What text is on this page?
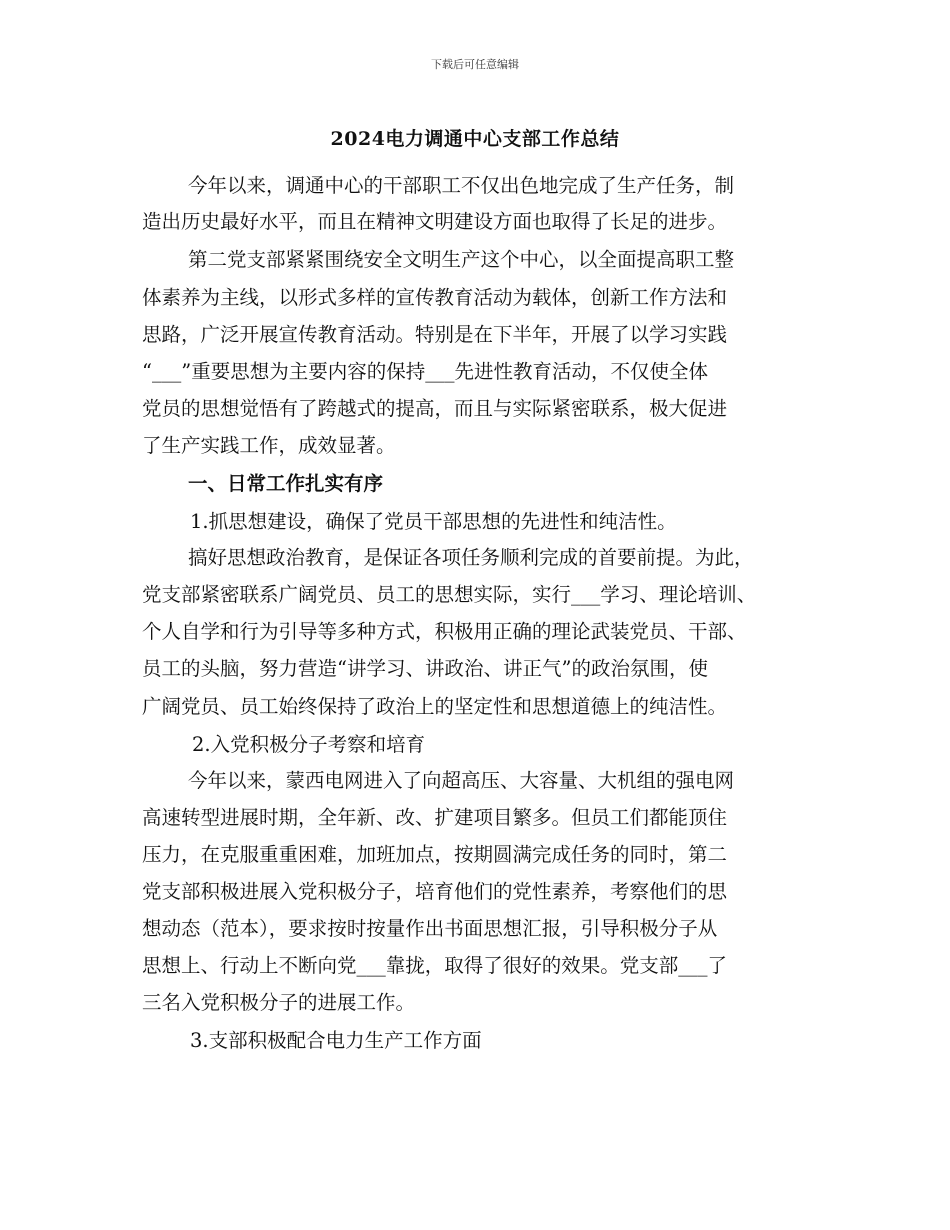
下载后可任意编辑
2024电力调通中心支部工作总结
今年以来，调通中心的干部职工不仅出色地完成了生产任务，制
造出历史最好水平，而且在精神文明建设方面也取得了长足的进步。
第二党支部紧紧围绕安全文明生产这个中心，以全面提高职工整
体素养为主线，以形式多样的宣传教育活动为载体，创新工作方法和
思路，广泛开展宣传教育活动。特别是在下半年，开展了以学习实践
“___”重要思想为主要内容的保持___先进性教育活动，不仅使全体
党员的思想觉悟有了跨越式的提高，而且与实际紧密联系，极大促进
了生产实践工作，成效显著。
一、日常工作扎实有序
1.抓思想建设，确保了党员干部思想的先进性和纯洁性。
搞好思想政治教育，是保证各项任务顺利完成的首要前提。为此，
党支部紧密联系广阔党员、员工的思想实际，实行___学习、理论培训、
个人自学和行为引导等多种方式，积极用正确的理论武装党员、干部、
员工的头脑，努力营造“讲学习、讲政治、讲正气”的政治氛围，使
广阔党员、员工始终保持了政治上的坚定性和思想道德上的纯洁性。
2.入党积极分子考察和培育
今年以来，蒙西电网进入了向超高压、大容量、大机组的强电网
高速转型进展时期，全年新、改、扩建项目繁多。但员工们都能顶住
压力，在克服重重困难，加班加点，按期圆满完成任务的同时，第二
党支部积极进展入党积极分子，培育他们的党性素养，考察他们的思
想动态（范本），要求按时按量作出书面思想汇报，引导积极分子从
思想上、行动上不断向党___靠拢，取得了很好的效果。党支部___了
三名入党积极分子的进展工作。
3.支部积极配合电力生产工作方面
